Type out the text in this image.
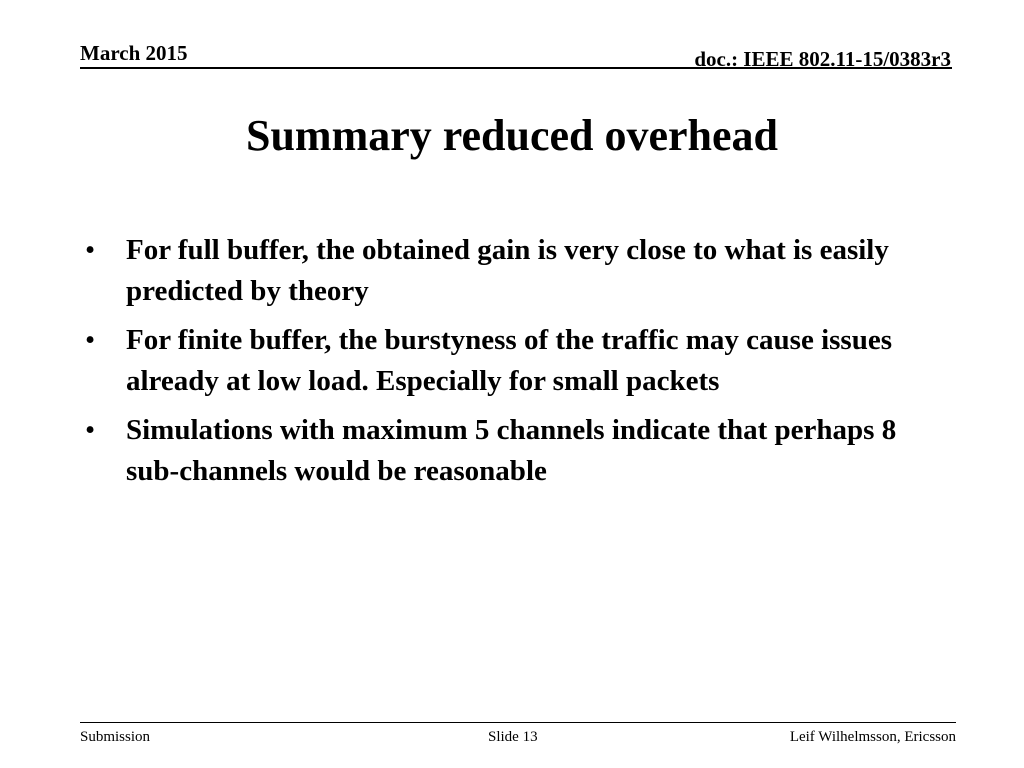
March 2015	doc.: IEEE 802.11-15/0383r3
Summary reduced overhead
• For full buffer, the obtained gain is very close to what is easily predicted by theory
• For finite buffer, the burstyness of the traffic may cause issues already at low load. Especially for small packets
• Simulations with maximum 5 channels indicate that perhaps 8 sub-channels would be reasonable
Submission	Slide 13	Leif Wilhelmsson, Ericsson
